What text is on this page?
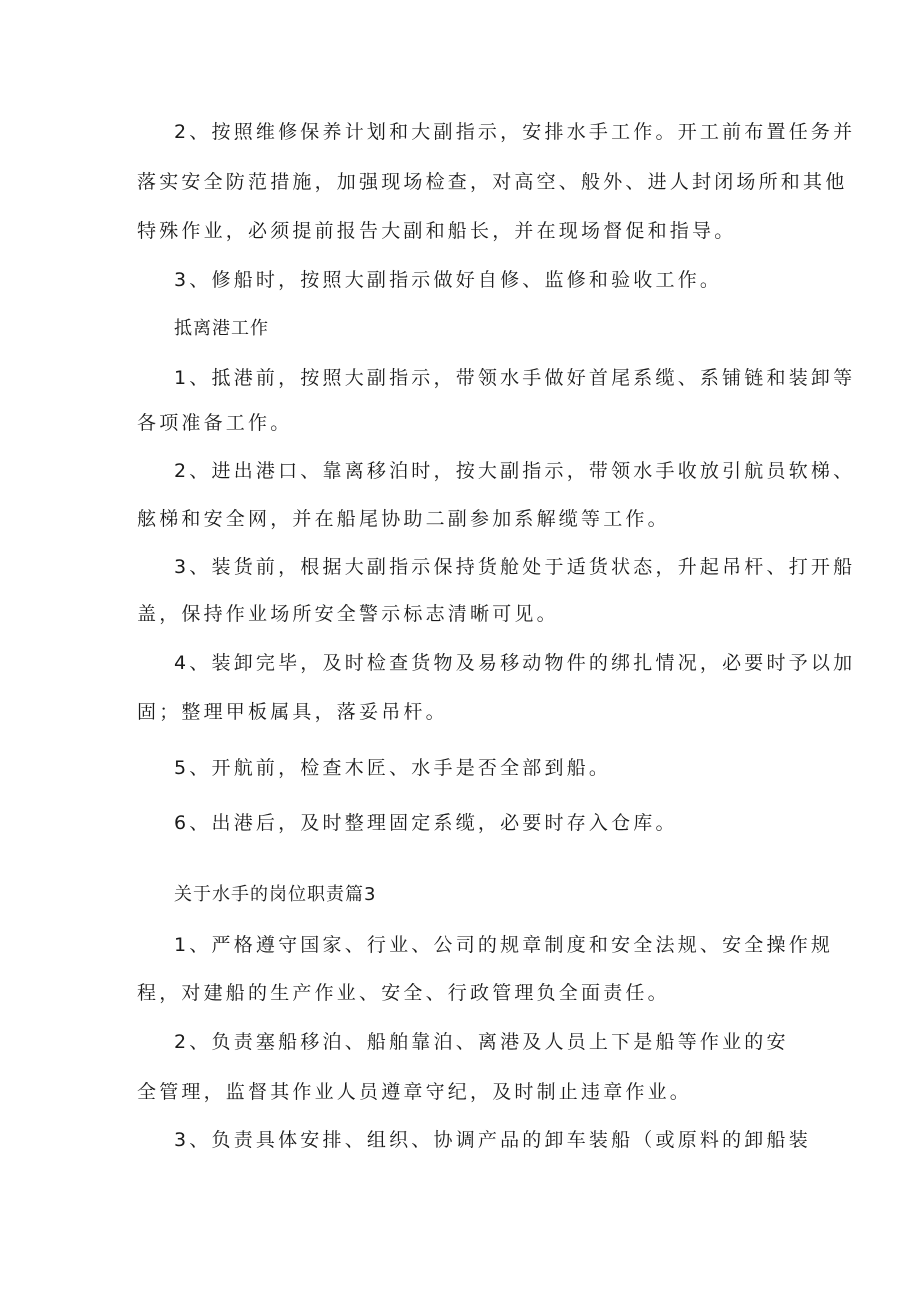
2、按照维修保养计划和大副指示，安排水手工作。开工前布置任务并
落实安全防范措施，加强现场检查，对高空、般外、进人封闭场所和其他
特殊作业，必须提前报告大副和船长，并在现场督促和指导。
3、修船时，按照大副指示做好自修、监修和验收工作。
抵离港工作
1、抵港前，按照大副指示，带领水手做好首尾系缆、系铺链和装卸等
各项准备工作。
2、进出港口、靠离移泊时，按大副指示，带领水手收放引航员软梯、
舷梯和安全网，并在船尾协助二副参加系解缆等工作。
3、装货前，根据大副指示保持货舱处于适货状态，升起吊杆、打开船
盖，保持作业场所安全警示标志清晰可见。
4、装卸完毕，及时检查货物及易移动物件的绑扎情况，必要时予以加
固；整理甲板属具，落妥吊杆。
5、开航前，检查木匠、水手是否全部到船。
6、出港后，及时整理固定系缆，必要时存入仓库。
关于水手的岗位职责篇3
1、严格遵守国家、行业、公司的规章制度和安全法规、安全操作规
程，对建船的生产作业、安全、行政管理负全面责任。
2、负责塞船移泊、船舶靠泊、离港及人员上下是船等作业的安
全管理，监督其作业人员遵章守纪，及时制止违章作业。
3、负责具体安排、组织、协调产品的卸车装船（或原料的卸船装
